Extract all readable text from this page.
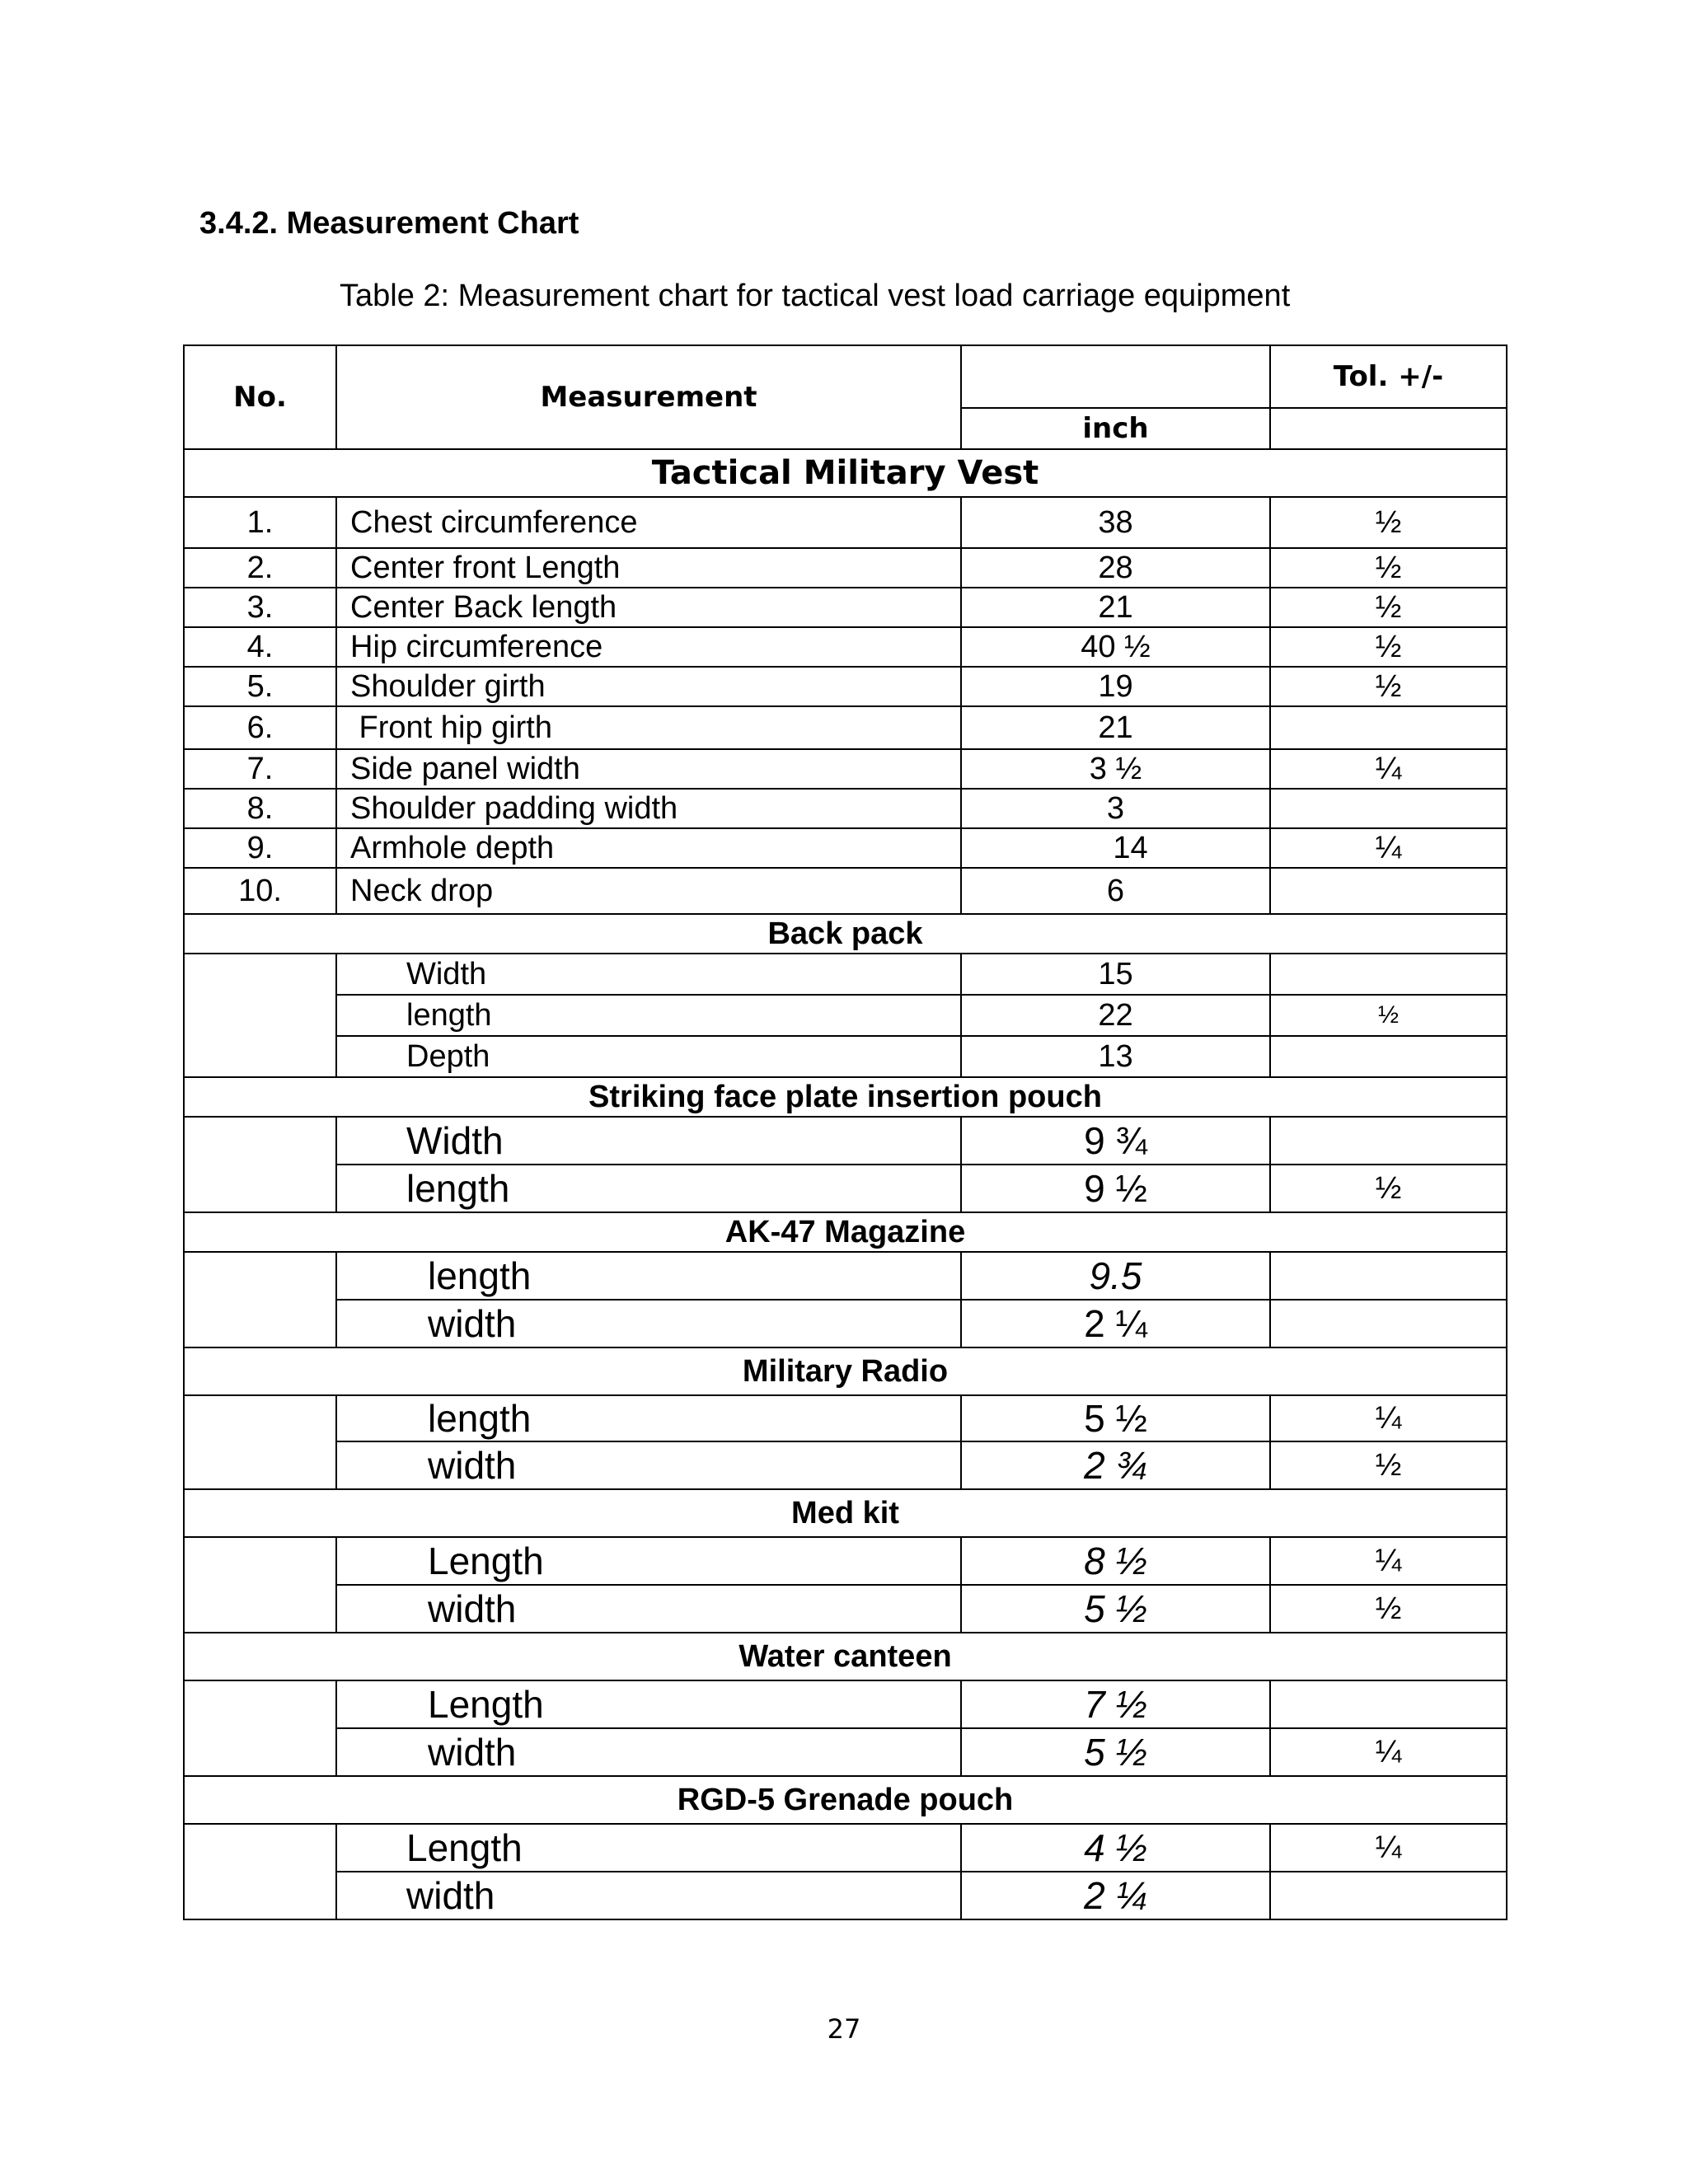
3.4.2. Measurement Chart

Table 2: Measurement chart for tactical vest load carriage equipment

No.	Measurement		Tol. +/-
		inch	
Tactical Military Vest			
1.	Chest circumference	38	½
2.	Center front Length	28	½
3.	Center Back length	21	½
4.	Hip circumference	40 ½	½
5.	Shoulder girth	19	½
6.	Front hip girth	21	
7.	Side panel width	3 ½	¼
8.	Shoulder padding width	3	
9.	Armhole depth	14	¼
10.	Neck drop	6	
Back pack			
	Width	15	
	length	22	½
	Depth	13	
Striking face plate insertion pouch			
	Width	9 ¾	
	length	9 ½	½
AK-47 Magazine			
	length	9.5	
	width	2 ¼	
Military Radio			
	length	5 ½	¼
	width	2 ¾	½
Med kit			
	Length	8 ½	¼
	width	5 ½	½
Water canteen			
	Length	7 ½	
	width	5 ½	¼
RGD-5 Grenade pouch			
	Length	4 ½	¼
	width	2 ¼	
27
